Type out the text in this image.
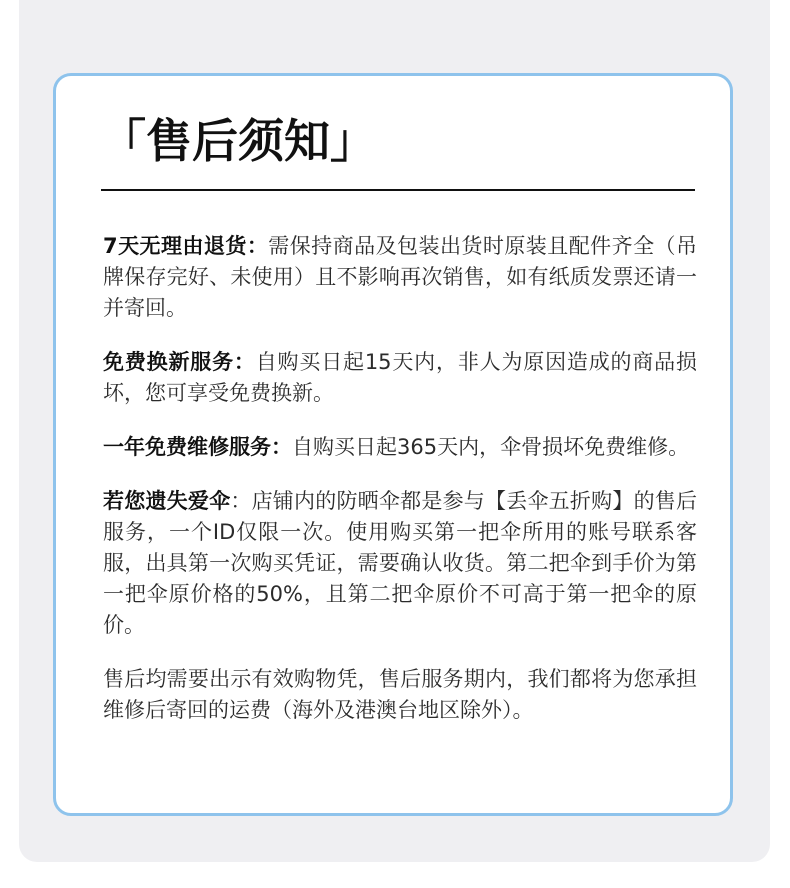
「售后须知」

7天无理由退货：需保持商品及包装出货时原装且配件齐全（吊牌保存完好、未使用）且不影响再次销售，如有纸质发票还请一并寄回。

免费换新服务：自购买日起15天内，非人为原因造成的商品损坏，您可享受免费换新。

一年免费维修服务：自购买日起365天内，伞骨损坏免费维修。

若您遗失爱伞：店铺内的防晒伞都是参与【丢伞五折购】的售后服务，一个ID仅限一次。使用购买第一把伞所用的账号联系客服，出具第一次购买凭证，需要确认收货。第二把伞到手价为第一把伞原价格的50%，且第二把伞原价不可高于第一把伞的原价。

售后均需要出示有效购物凭，售后服务期内，我们都将为您承担维修后寄回的运费（海外及港澳台地区除外）。
